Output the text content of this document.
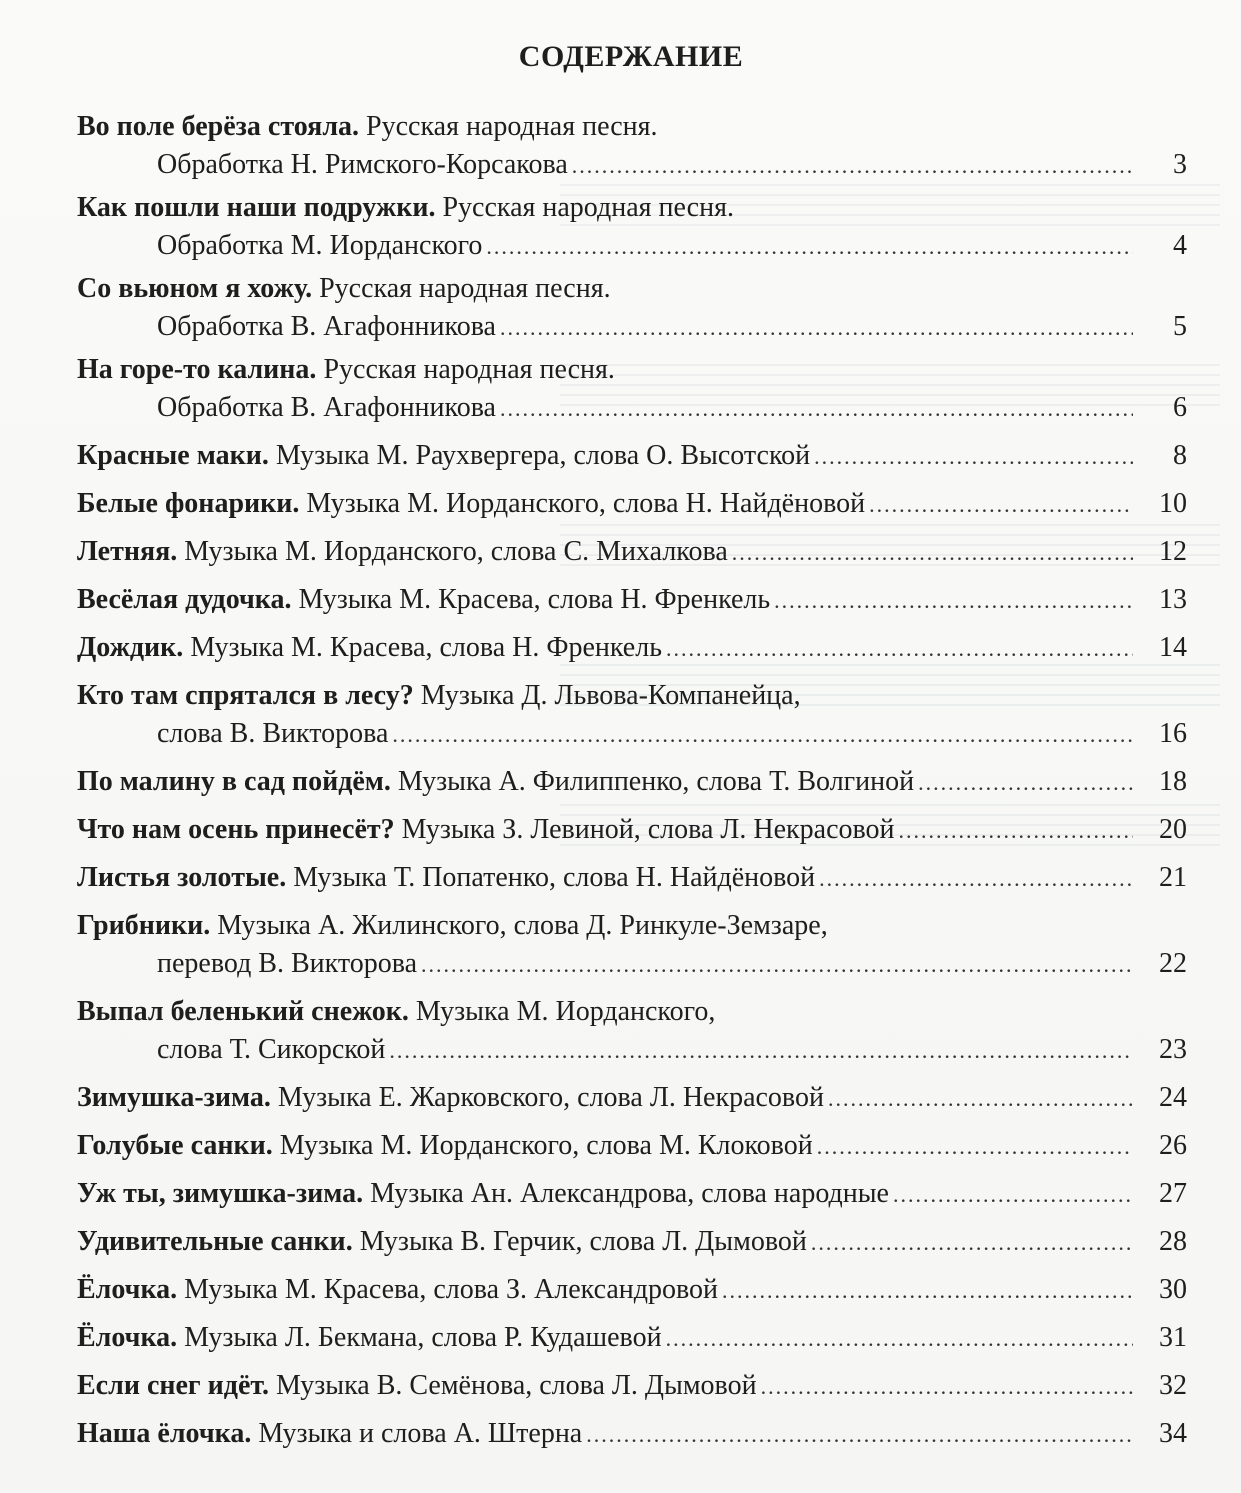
СОДЕРЖАНИЕ
Во поле берёза стояла. Русская народная песня.
Обработка Н. Римского-Корсакова .....	3
Как пошли наши подружки. Русская народная песня.
Обработка М. Иорданского .....	4
Со вьюном я хожу. Русская народная песня.
Обработка В. Агафонникова .....	5
На горе-то калина. Русская народная песня.
Обработка В. Агафонникова .....	6
Красные маки. Музыка М. Раухвергера, слова О. Высотской .....	8
Белые фонарики. Музыка М. Иорданского, слова Н. Найдёновой .....	10
Летняя. Музыка М. Иорданского, слова С. Михалкова .....	12
Весёлая дудочка. Музыка М. Красева, слова Н. Френкель .....	13
Дождик. Музыка М. Красева, слова Н. Френкель .....	14
Кто там спрятался в лесу? Музыка Д. Львова-Компанейца,
слова В. Викторова .....	16
По малину в сад пойдём. Музыка А. Филиппенко, слова Т. Волгиной .....	18
Что нам осень принесёт? Музыка З. Левиной, слова Л. Некрасовой .....	20
Листья золотые. Музыка Т. Попатенко, слова Н. Найдёновой .....	21
Грибники. Музыка А. Жилинского, слова Д. Ринкуле-Земзаре,
перевод В. Викторова .....	22
Выпал беленький снежок. Музыка М. Иорданского,
слова Т. Сикорской .....	23
Зимушка-зима. Музыка Е. Жарковского, слова Л. Некрасовой .....	24
Голубые санки. Музыка М. Иорданского, слова М. Клоковой .....	26
Уж ты, зимушка-зима. Музыка Ан. Александрова, слова народные .....	27
Удивительные санки. Музыка В. Герчик, слова Л. Дымовой .....	28
Ёлочка. Музыка М. Красева, слова З. Александровой .....	30
Ёлочка. Музыка Л. Бекмана, слова Р. Кудашевой .....	31
Если снег идёт. Музыка В. Семёнова, слова Л. Дымовой .....	32
Наша ёлочка. Музыка и слова А. Штерна .....	34
